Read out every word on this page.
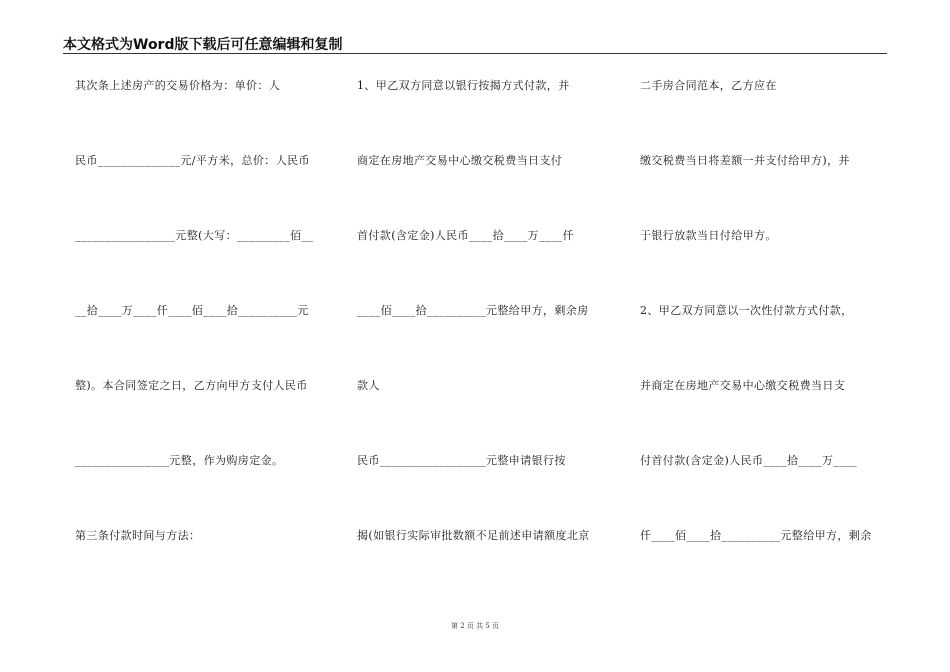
本文格式为Word版下载后可任意编辑和复制
其次条上述房产的交易价格为：单价：人
民币______________元/平方米，总价：人民币
_________________元整(大写：_________佰__
__拾____万____仟____佰____拾__________元
整)。本合同签定之日，乙方向甲方支付人民币
________________元整，作为购房定金。
第三条付款时间与方法：
1、甲乙双方同意以银行按揭方式付款，并
商定在房地产交易中心缴交税费当日支付
首付款(含定金)人民币____拾____万____仟
____佰____拾__________元整给甲方，剩余房
款人
民币__________________元整申请银行按
揭(如银行实际审批数额不足前述申请额度北京
二手房合同范本，乙方应在
缴交税费当日将差额一并支付给甲方)，并
于银行放款当日付给甲方。
2、甲乙双方同意以一次性付款方式付款，
并商定在房地产交易中心缴交税费当日支
付首付款(含定金)人民币____拾____万____
仟____佰____拾__________元整给甲方，剩余
第 2 页 共 5 页
